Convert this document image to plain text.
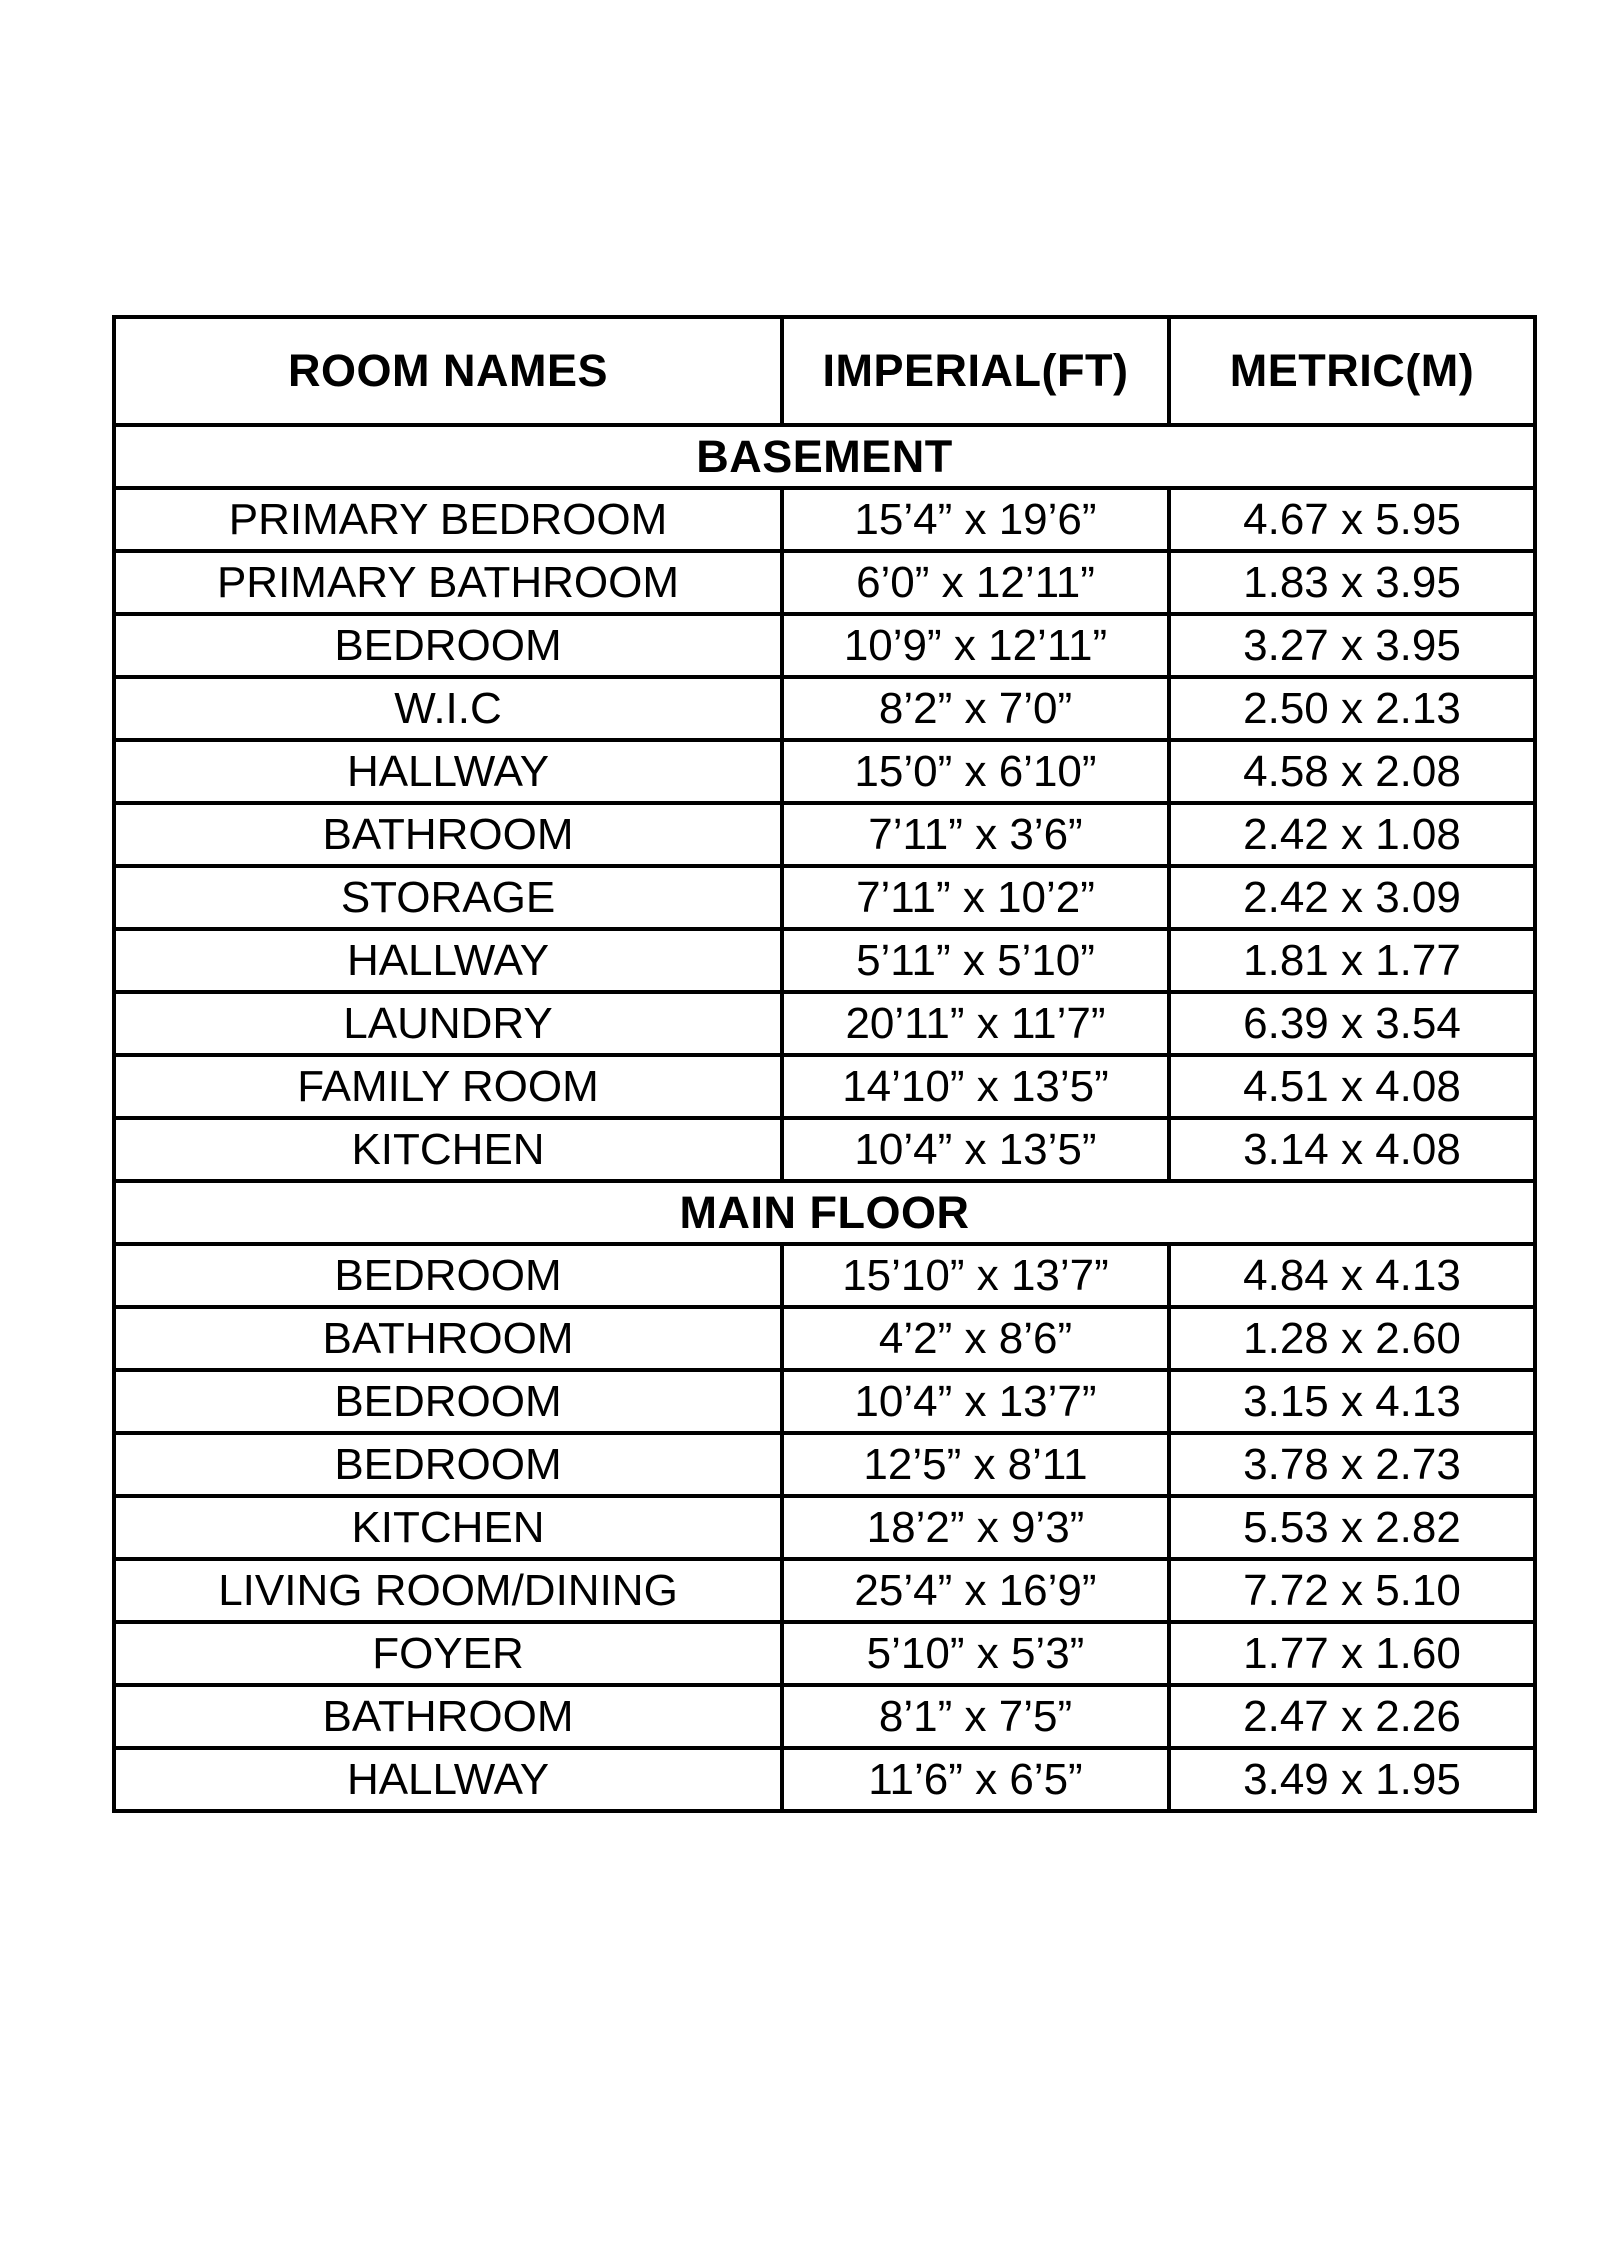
ROOM NAMES	IMPERIAL(FT)	METRIC(M)
BASEMENT		
PRIMARY BEDROOM	15’4” x 19’6”	4.67 x 5.95
PRIMARY BATHROOM	6’0” x 12’11”	1.83 x 3.95
BEDROOM	10’9” x 12’11”	3.27 x 3.95
W.I.C	8’2” x 7’0”	2.50 x 2.13
HALLWAY	15’0” x 6’10”	4.58 x 2.08
BATHROOM	7’11” x 3’6”	2.42 x 1.08
STORAGE	7’11” x 10’2”	2.42 x 3.09
HALLWAY	5’11” x 5’10”	1.81 x 1.77
LAUNDRY	20’11” x 11’7”	6.39 x 3.54
FAMILY ROOM	14’10” x 13’5”	4.51 x 4.08
KITCHEN	10’4” x 13’5”	3.14 x 4.08
MAIN FLOOR		
BEDROOM	15’10” x 13’7”	4.84 x 4.13
BATHROOM	4’2” x 8’6”	1.28 x 2.60
BEDROOM	10’4” x 13’7”	3.15 x 4.13
BEDROOM	12’5” x 8’11	3.78 x 2.73
KITCHEN	18’2” x 9’3”	5.53 x 2.82
LIVING ROOM/DINING	25’4” x 16’9”	7.72 x 5.10
FOYER	5’10” x 5’3”	1.77 x 1.60
BATHROOM	8’1” x 7’5”	2.47 x 2.26
HALLWAY	11’6” x 6’5”	3.49 x 1.95
